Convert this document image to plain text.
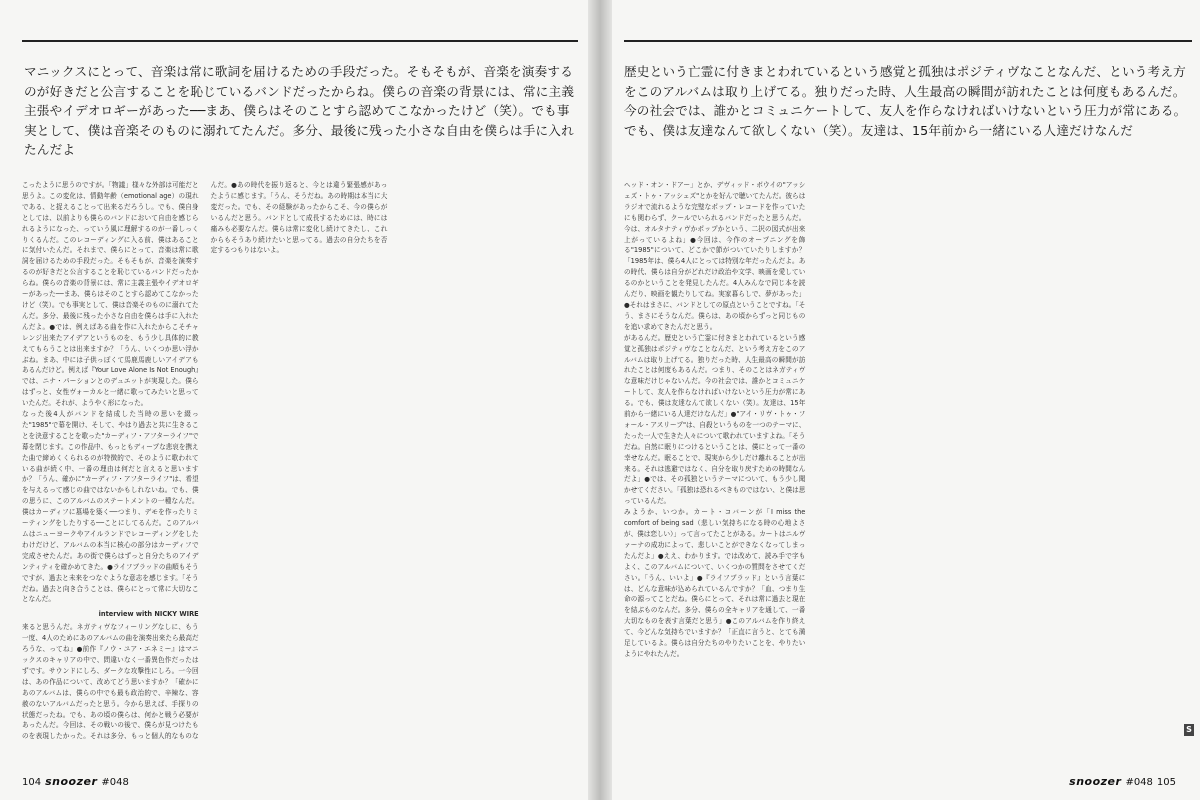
マニックスにとって、音楽は常に歌詞を届けるための手段だった。そもそもが、音楽を演奏するのが好きだと公言することを恥じているバンドだったからね。僕らの音楽の背景には、常に主義主張やイデオロギーがあった──まあ、僕らはそのことすら認めてこなかったけど（笑）。でも事実として、僕は音楽そのものに溺れてたんだ。多分、最後に残った小さな自由を僕らは手に入れたんだよ

こったように思うのですが。「物議」様々な外部は可能だと思うよ。この変化は、情動年齢（emotional age）の現れである、と捉えることって出来るだろうし。でも、僕自身としては、以前よりも僕らのバンドにおいて自由を感じられるようになった、っていう風に理解するのが一番しっくりくるんだ。このレコーディングに入る前、僕はあることに気付いたんだ。それまで、僕らにとって、音楽は常に歌詞を届けるための手段だった。そもそもが、音楽を演奏するのが好きだと公言することを恥じているバンドだったからね。僕らの音楽の背景には、常に主義主張やイデオロギーがあった──まあ、僕らはそのことすら認めてこなかったけど（笑）。でも事実として、僕は音楽そのものに溺れてたんだ。多分、最後に残った小さな自由を僕らは手に入れたんだよ。●では、例えばある曲を作に入れたからこそチャレンジ出来たアイデアというものを、もう少し具体的に教えてもらうことは出来ますか？「うん、いくつか思い浮かぶね。まあ、中には子供っぽくて馬鹿馬鹿しいアイデアもあるんだけど。例えば『Your Love Alone Is Not Enough』では、ニナ・パーションとのデュエットが実現した。僕らはずっと、女性ヴォーカルと一緒に歌ってみたいと思っていたんだ。それが、ようやく形になった。

なった後4人がバンドを結成した当時の思いを綴った"1985"で幕を開け、そして、やはり過去と共に生きることを決意することを歌った"カーディフ・アフターライフ"で幕を閉じます。この作品中、もっともディープな悲哀を携えた曲で締めくくられるのが特徴的で、そのように歌われている曲が続く中、一番の理由は何だと言えると思いますか？「うん、確かに"カーディフ・アフターライフ"は、希望を与えるって感じの曲ではないかもしれないね。でも、僕の思うに、このアルバムのステートメントの一種なんだ。僕はカーディフに墓場を築く──つまり、デモを作ったりミーティングをしたりする──ことにしてるんだ。このアルバムはニューヨークやアイルランドでレコーディングをしたわけだけど、アルバムの本当に核心の部分はカーディフで完成させたんだ。あの街で僕らはずっと自分たちのアイデンティティを確かめてきた。●ライフブラッドの曲順もそうですが、過去と未来をつなぐような意志を感じます。「そうだね。過去と向き合うことは、僕らにとって常に大切なことなんだ。

interview with NICKY WIRE

来ると思うんだ。ネガティヴなフィーリングなしに、もう一度、4人のためにあのアルバムの曲を演奏出来たら最高だろうな、ってね」●前作『ノウ・ユア・エネミー』はマニックスのキャリアの中で、問違いなく一番異色作だったはずです。サウンドにしろ、ダークな攻撃性にしろ。一今回は、あの作品について、改めてどう思いますか？「確かにあのアルバムは、僕らの中でも最も政治的で、辛辣な、容赦のないアルバムだったと思う。今から思えば、手探りの状態だったね。でも、あの頃の僕らは、何かと戦う必要があったんだ。今回は、その戦いの後で、僕らが見つけたものを表現したかった。それは多分、もっと個人的なものなんだ。●あの時代を振り返ると、今とは違う緊張感があったように感じます。「うん、そうだね。あの時期は本当に大変だった。でも、その経験があったからこそ、今の僕らがいるんだと思う。バンドとして成長するためには、時には痛みも必要なんだ。僕らは常に変化し続けてきたし、これからもそうあり続けたいと思ってる。過去の自分たちを否定するつもりはないよ。

104 snoozer #048
歴史という亡霊に付きまとわれているという感覚と孤独はポジティヴなことなんだ、という考え方をこのアルバムは取り上げてる。独りだった時、人生最高の瞬間が訪れたことは何度もあるんだ。今の社会では、誰かとコミュニケートして、友人を作らなければいけないという圧力が常にある。でも、僕は友達なんて欲しくない（笑）。友達は、15年前から一緒にいる人達だけなんだ

ヘッド・オン・ドアー」とか、デヴィッド・ボウイの"アッシェズ・トゥ・アッシェズ"とかを好んで聴いてたんだ。彼らはラジオで流れるような完璧なポップ・レコードを作っていたにも関わらず、クールでいられるバンドだったと思うんだ。今は、オルタナティヴかポップかという、二択の図式が出来上がっているよね」●今回は、今作のオープニングを飾る"1985"について、どこかで節がついていたりしますか？「1985年は、僕ら4人にとっては特別な年だったんだよ。あの時代、僕らは自分がどれだけ政治や文学、映画を愛しているのかということを発見したんだ。4人みんなで同じ本を読んだり、映画を観たりしてね。実家暮らしで、夢があった」●それはまさに、バンドとしての原点ということですね。「そう、まさにそうなんだ。僕らは、あの頃からずっと同じものを追い求めてきたんだと思う。

があるんだ。歴史という亡霊に付きまとわれているという感覚と孤独はポジティヴなことなんだ、という考え方をこのアルバムは取り上げてる。独りだった時、人生最高の瞬間が訪れたことは何度もあるんだ。つまり、そのことはネガティヴな意味だけじゃないんだ。今の社会では、誰かとコミュニケートして、友人を作らなければいけないという圧力が常にある。でも、僕は友達なんて欲しくない（笑）。友達は、15年前から一緒にいる人達だけなんだ」●"アイ・リヴ・トゥ・フォール・アスリープ"は、自殺というものを一つのテーマに、たった一人で生きた人々について歌われていますよね。「そうだね。自然に眠りにつけるということは、僕にとって一番の幸せなんだ。眠ることで、現実から少しだけ離れることが出来る。それは逃避ではなく、自分を取り戻すための時間なんだよ」●では、その孤独というテーマについて、もう少し聞かせてください。「孤独は恐れるべきものではない、と僕は思っているんだ。

みようか、いつか。カート・コバーンが「I miss the comfort of being sad（悲しい気持ちになる時の心地よさが、僕は恋しい）」って言ってたことがある。カートはニルヴァーナの成功によって、悲しいことができなくなってしまったんだよ」●ええ、わかります。では改めて、読み手で字もよく、このアルバムについて、いくつかの質問をさせてください。「うん、いいよ」●『ライフブラッド』という言葉には、どんな意味が込められているんですか？「血、つまり生命の源ってことだね。僕らにとって、それは常に過去と現在を結ぶものなんだ。多分、僕らの全キャリアを通して、一番大切なものを表す言葉だと思う」●このアルバムを作り終えて、今どんな気持ちでいますか？「正直に言うと、とても満足しているよ。僕らは自分たちのやりたいことを、やりたいようにやれたんだ。

S
snoozer #048 105
